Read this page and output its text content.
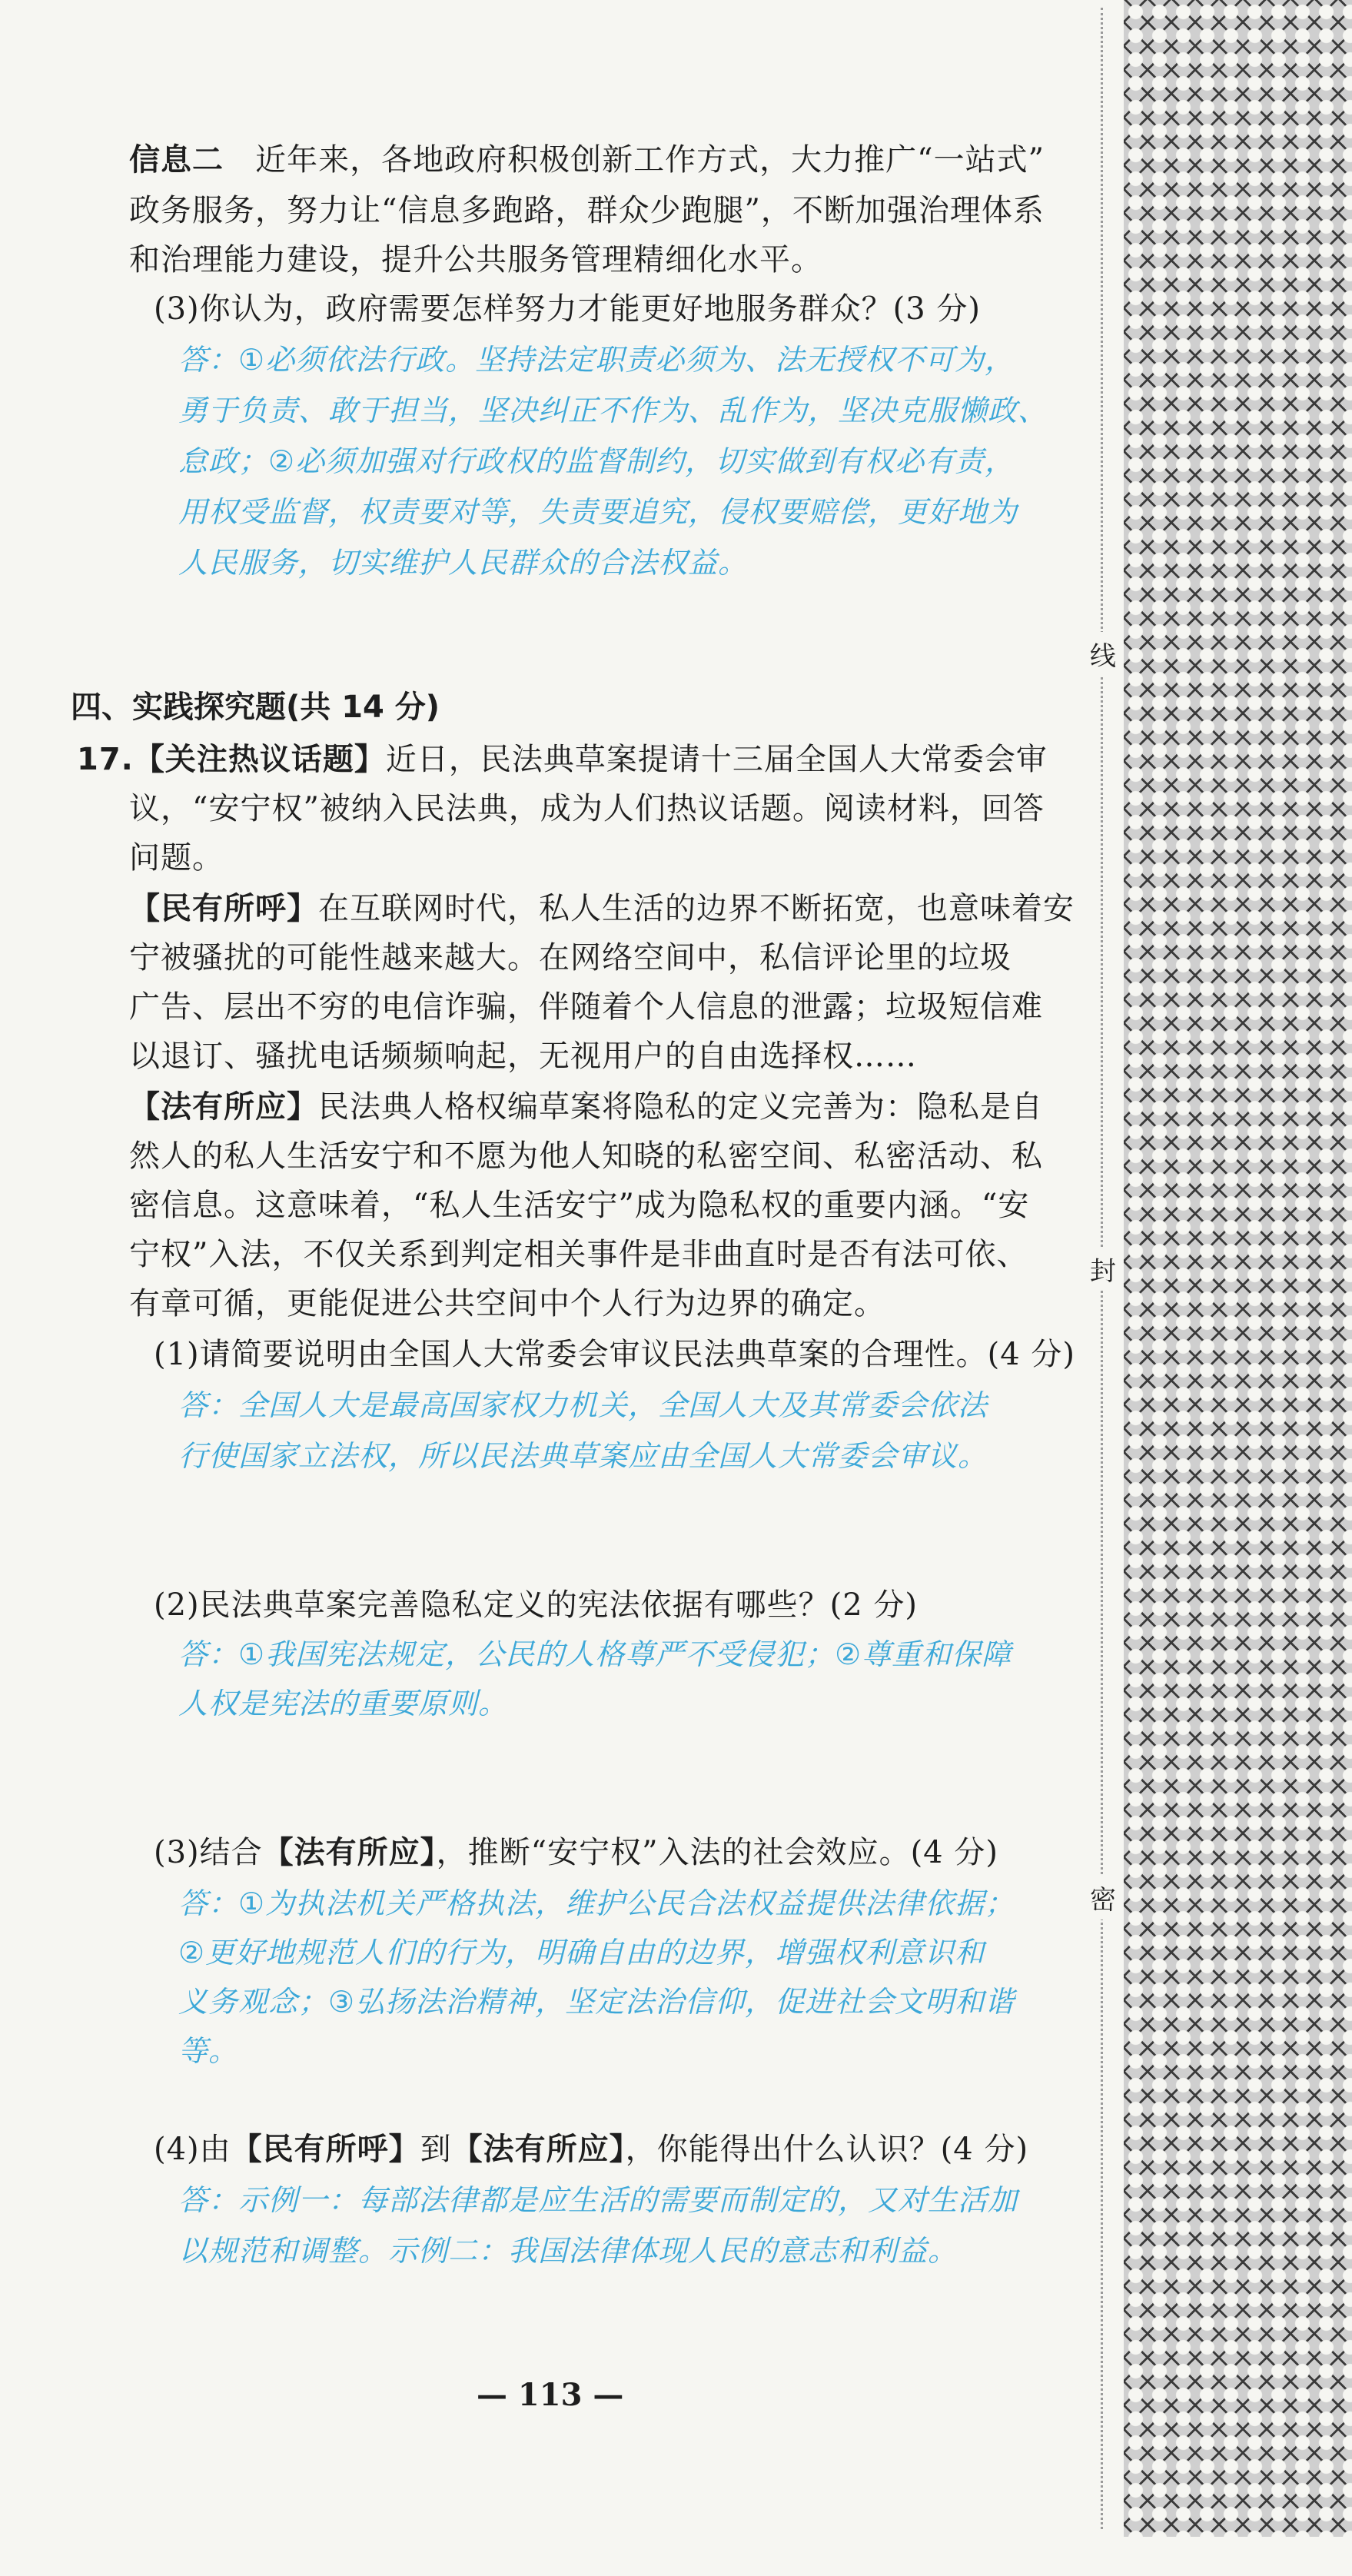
信息二 近年来，各地政府积极创新工作方式，大力推广“一站式”
政务服务，努力让“信息多跑路，群众少跑腿”，不断加强治理体系
和治理能力建设，提升公共服务管理精细化水平。
(3)你认为，政府需要怎样努力才能更好地服务群众？(3 分)
答：①必须依法行政。坚持法定职责必须为、法无授权不可为，
勇于负责、敢于担当，坚决纠正不作为、乱作为，坚决克服懒政、
怠政；②必须加强对行政权的监督制约，切实做到有权必有责，
用权受监督，权责要对等，失责要追究，侵权要赔偿，更好地为
人民服务，切实维护人民群众的合法权益。
四、实践探究题(共 14 分)
17.【关注热议话题】近日，民法典草案提请十三届全国人大常委会审
议，“安宁权”被纳入民法典，成为人们热议话题。阅读材料，回答
问题。
【民有所呼】在互联网时代，私人生活的边界不断拓宽，也意味着安
宁被骚扰的可能性越来越大。在网络空间中，私信评论里的垃圾
广告、层出不穷的电信诈骗，伴随着个人信息的泄露；垃圾短信难
以退订、骚扰电话频频响起，无视用户的自由选择权……
【法有所应】民法典人格权编草案将隐私的定义完善为：隐私是自
然人的私人生活安宁和不愿为他人知晓的私密空间、私密活动、私
密信息。这意味着，“私人生活安宁”成为隐私权的重要内涵。“安
宁权”入法，不仅关系到判定相关事件是非曲直时是否有法可依、
有章可循，更能促进公共空间中个人行为边界的确定。
(1)请简要说明由全国人大常委会审议民法典草案的合理性。(4 分)
答：全国人大是最高国家权力机关，全国人大及其常委会依法
行使国家立法权，所以民法典草案应由全国人大常委会审议。
(2)民法典草案完善隐私定义的宪法依据有哪些？(2 分)
答：①我国宪法规定，公民的人格尊严不受侵犯；②尊重和保障
人权是宪法的重要原则。
(3)结合【法有所应】，推断“安宁权”入法的社会效应。(4 分)
答：①为执法机关严格执法，维护公民合法权益提供法律依据；
②更好地规范人们的行为，明确自由的边界，增强权利意识和
义务观念；③弘扬法治精神，坚定法治信仰，促进社会文明和谐
等。
(4)由【民有所呼】到【法有所应】，你能得出什么认识？(4 分)
答：示例一：每部法律都是应生活的需要而制定的，又对生活加
以规范和调整。示例二：我国法律体现人民的意志和利益。
— 113 —
线
封
密
